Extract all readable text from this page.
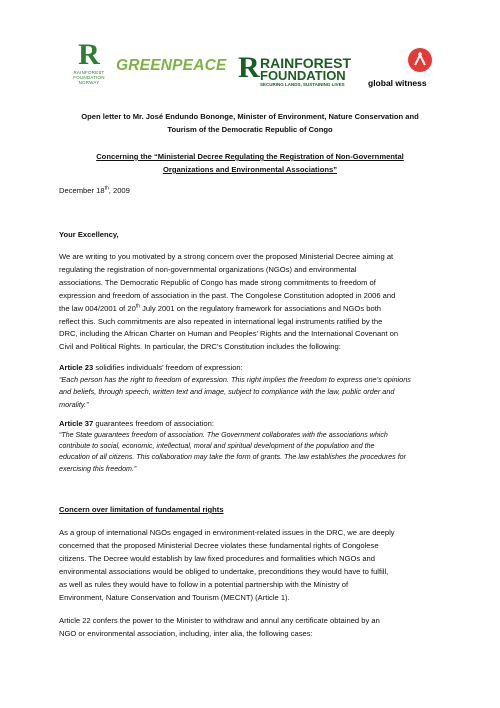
R
RAINFOREST FOUNDATION NORWAY
GREENPEACE R RAINFOREST
FOUNDATION
SECURING LANDS, SUSTAINING LIVES	global witness
Open letter to Mr. José Endundo Bononge, Minister of Environment, Nature Conservation and
Tourism of the Democratic Republic of Congo
Concerning the “Ministerial Decree Regulating the Registration of Non-Governmental
Organizations and Environmental Associations”
December 18th, 2009
Your Excellency,
We are writing to you motivated by a strong concern over the proposed Ministerial Decree aiming at
regulating the registration of non-governmental organizations (NGOs) and environmental
associations. The Democratic Republic of Congo has made strong commitments to freedom of
expression and freedom of association in the past. The Congolese Constitution adopted in 2006 and
the law 004/2001 of 20th July 2001 on the regulatory framework for associations and NGOs both
reflect this. Such commitments are also repeated in international legal instruments ratified by the
DRC, including the African Charter on Human and Peoples’ Rights and the International Covenant on
Civil and Political Rights. In particular, the DRC’s Constitution includes the following:
Article 23 solidifies individuals’ freedom of expression:
“Each person has the right to freedom of expression. This right implies the freedom to express one’s opinions
and beliefs, through speech, written text and image, subject to compliance with the law, public order and
morality.”
Article 37 guarantees freedom of association:
“The State guarantees freedom of association. The Government collaborates with the associations which
contribute to social, economic, intellectual, moral and spiritual development of the population and the
education of all citizens. This collaboration may take the form of grants. The law establishes the procedures for
exercising this freedom.”
Concern over limitation of fundamental rights
As a group of international NGOs engaged in environment-related issues in the DRC, we are deeply
concerned that the proposed Ministerial Decree violates these fundamental rights of Congolese
citizens. The Decree would establish by law fixed procedures and formalities which NGOs and
environmental associations would be obliged to undertake, preconditions they would have to fulfill,
as well as rules they would have to follow in a potential partnership with the Ministry of
Environment, Nature Conservation and Tourism (MECNT) (Article 1).
Article 22 confers the power to the Minister to withdraw and annul any certificate obtained by an
NGO or environmental association, including, inter alia, the following cases:
